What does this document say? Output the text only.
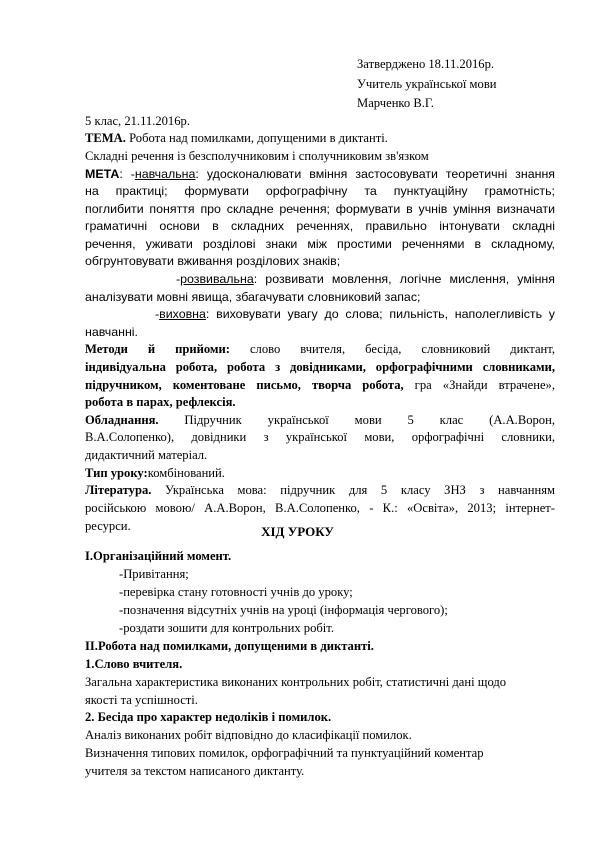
Затверджено 18.11.2016р.
Учитель української мови
Марченко В.Г.
5 клас, 21.11.2016р.
ТЕМА. Робота над помилками, допущеними в диктанті.
Складні речення із безсполучниковим і сполучниковим зв'язком
МЕТА: -навчальна: удосконалювати вміння застосовувати теоретичні знання
на практиці; формувати орфографічну та пунктуаційну грамотність;
поглибити поняття про складне речення; формувати в учнів уміння визначати
граматичні основи в складних реченнях, правильно інтонувати складні
речення, уживати розділові знаки між простими реченнями в складному,
обгрунтовувати вживання розділових знаків;
-розвивальна: розвивати мовлення, логічне мислення, уміння
аналізувати мовні явища, збагачувати словниковий запас;
-виховна: виховувати увагу до слова; пильність, наполегливість у
навчанні.
Методи й прийоми: слово вчителя, бесіда, словниковий диктант,
індивідуальна робота, робота з довідниками, орфографічними словниками,
підручником, коментоване письмо, творча робота, гра «Знайди втрачене»,
робота в парах, рефлексія.
Обладнання. Підручник української мови 5 клас (А.А.Ворон,
В.А.Солопенко), довідники з української мови, орфографічні словники,
дидактичний матеріал.
Тип уроку:комбінований.
Література. Українська мова: підручник для 5 класу ЗНЗ з навчанням
російською мовою/ А.А.Ворон, В.А.Солопенко, - К.: «Освіта», 2013; інтернет-
ресурси.	ХІД УРОКУ
I.Організаційний момент.
-Привітання;
-перевірка стану готовності учнів до уроку;
-позначення відсутніх учнів на уроці (інформація чергового);
-роздати зошити для контрольних робіт.
II.Робота над помилками, допущеними в диктанті.
1.Слово вчителя.
Загальна характеристика виконаних контрольних робіт, статистичні дані щодо
якості та успішності.
2. Бесіда про характер недоліків і помилок.
Аналіз виконаних робіт відповідно до класифікації помилок.
Визначення типових помилок, орфографічний та пунктуаційний коментар
учителя за текстом написаного диктанту.
